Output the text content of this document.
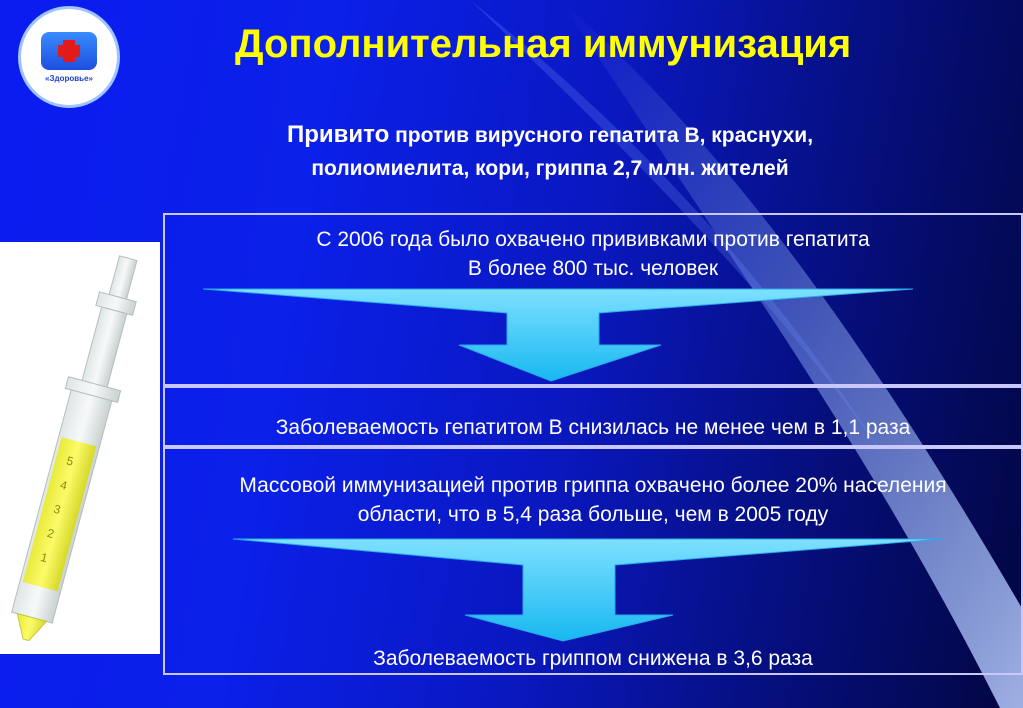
«Здоровье»
Дополнительная иммунизация
Привито против вирусного гепатита В, краснухи,
полиомиелита, кори, гриппа 2,7 млн. жителей
5
4
3
2
1
С 2006 года было охвачено прививками против гепатита В более 800 тыс. человек
Заболеваемость гепатитом В снизилась не менее чем в 1,1 раза
Массовой иммунизацией против гриппа охвачено более 20% населения области, что в 5,4 раза больше, чем в 2005 году
Заболеваемость гриппом снижена в 3,6 раза
